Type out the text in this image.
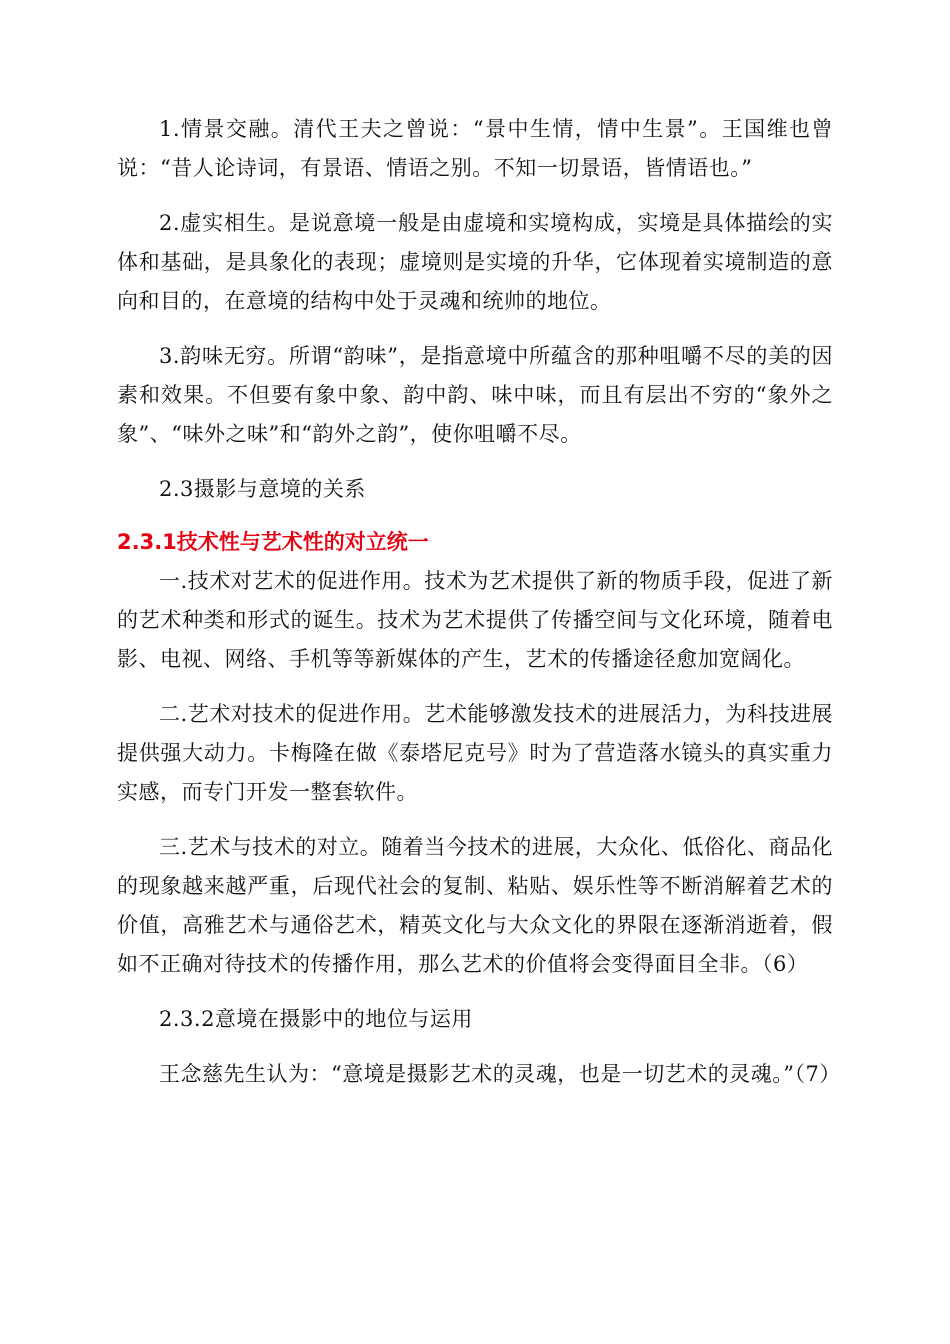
1.情景交融。清代王夫之曾说：“景中生情，情中生景”。王国维也曾说：“昔人论诗词，有景语、情语之别。不知一切景语，皆情语也。”

2.虚实相生。是说意境一般是由虚境和实境构成，实境是具体描绘的实体和基础，是具象化的表现；虚境则是实境的升华，它体现着实境制造的意向和目的，在意境的结构中处于灵魂和统帅的地位。

3.韵味无穷。所谓“韵味”，是指意境中所蕴含的那种咀嚼不尽的美的因素和效果。不但要有象中象、韵中韵、味中味，而且有层出不穷的“象外之象”、“味外之味”和“韵外之韵”，使你咀嚼不尽。

2.3摄影与意境的关系

2.3.1技术性与艺术性的对立统一

一.技术对艺术的促进作用。技术为艺术提供了新的物质手段，促进了新的艺术种类和形式的诞生。技术为艺术提供了传播空间与文化环境，随着电影、电视、网络、手机等等新媒体的产生，艺术的传播途径愈加宽阔化。

二.艺术对技术的促进作用。艺术能够激发技术的进展活力，为科技进展提供强大动力。卡梅隆在做《泰塔尼克号》时为了营造落水镜头的真实重力实感，而专门开发一整套软件。

三.艺术与技术的对立。随着当今技术的进展，大众化、低俗化、商品化的现象越来越严重，后现代社会的复制、粘贴、娱乐性等不断消解着艺术的价值，高雅艺术与通俗艺术，精英文化与大众文化的界限在逐渐消逝着，假如不正确对待技术的传播作用，那么艺术的价值将会变得面目全非。（6）

2.3.2意境在摄影中的地位与运用

王念慈先生认为：“意境是摄影艺术的灵魂，也是一切艺术的灵魂。”（7）
